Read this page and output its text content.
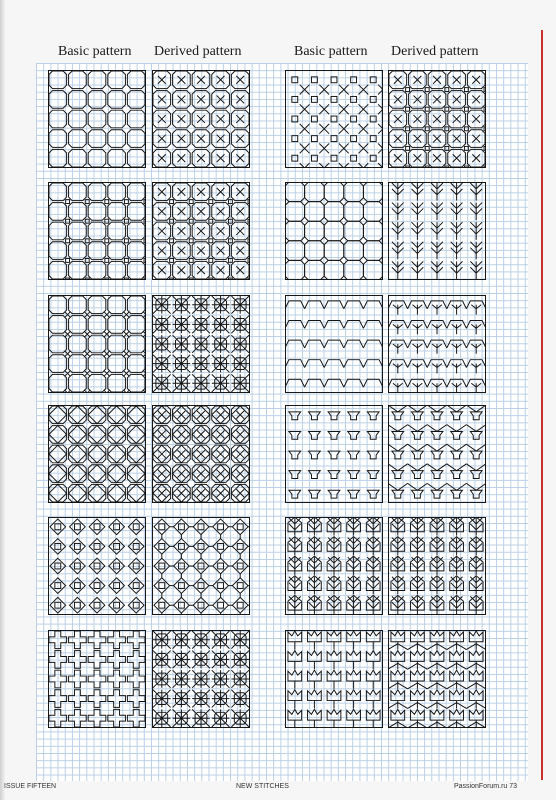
Basic pattern Derived pattern	Basic pattern Derived pattern
ISSUE FIFTEEN	NEW STITCHES	PassionForum.ru 73
